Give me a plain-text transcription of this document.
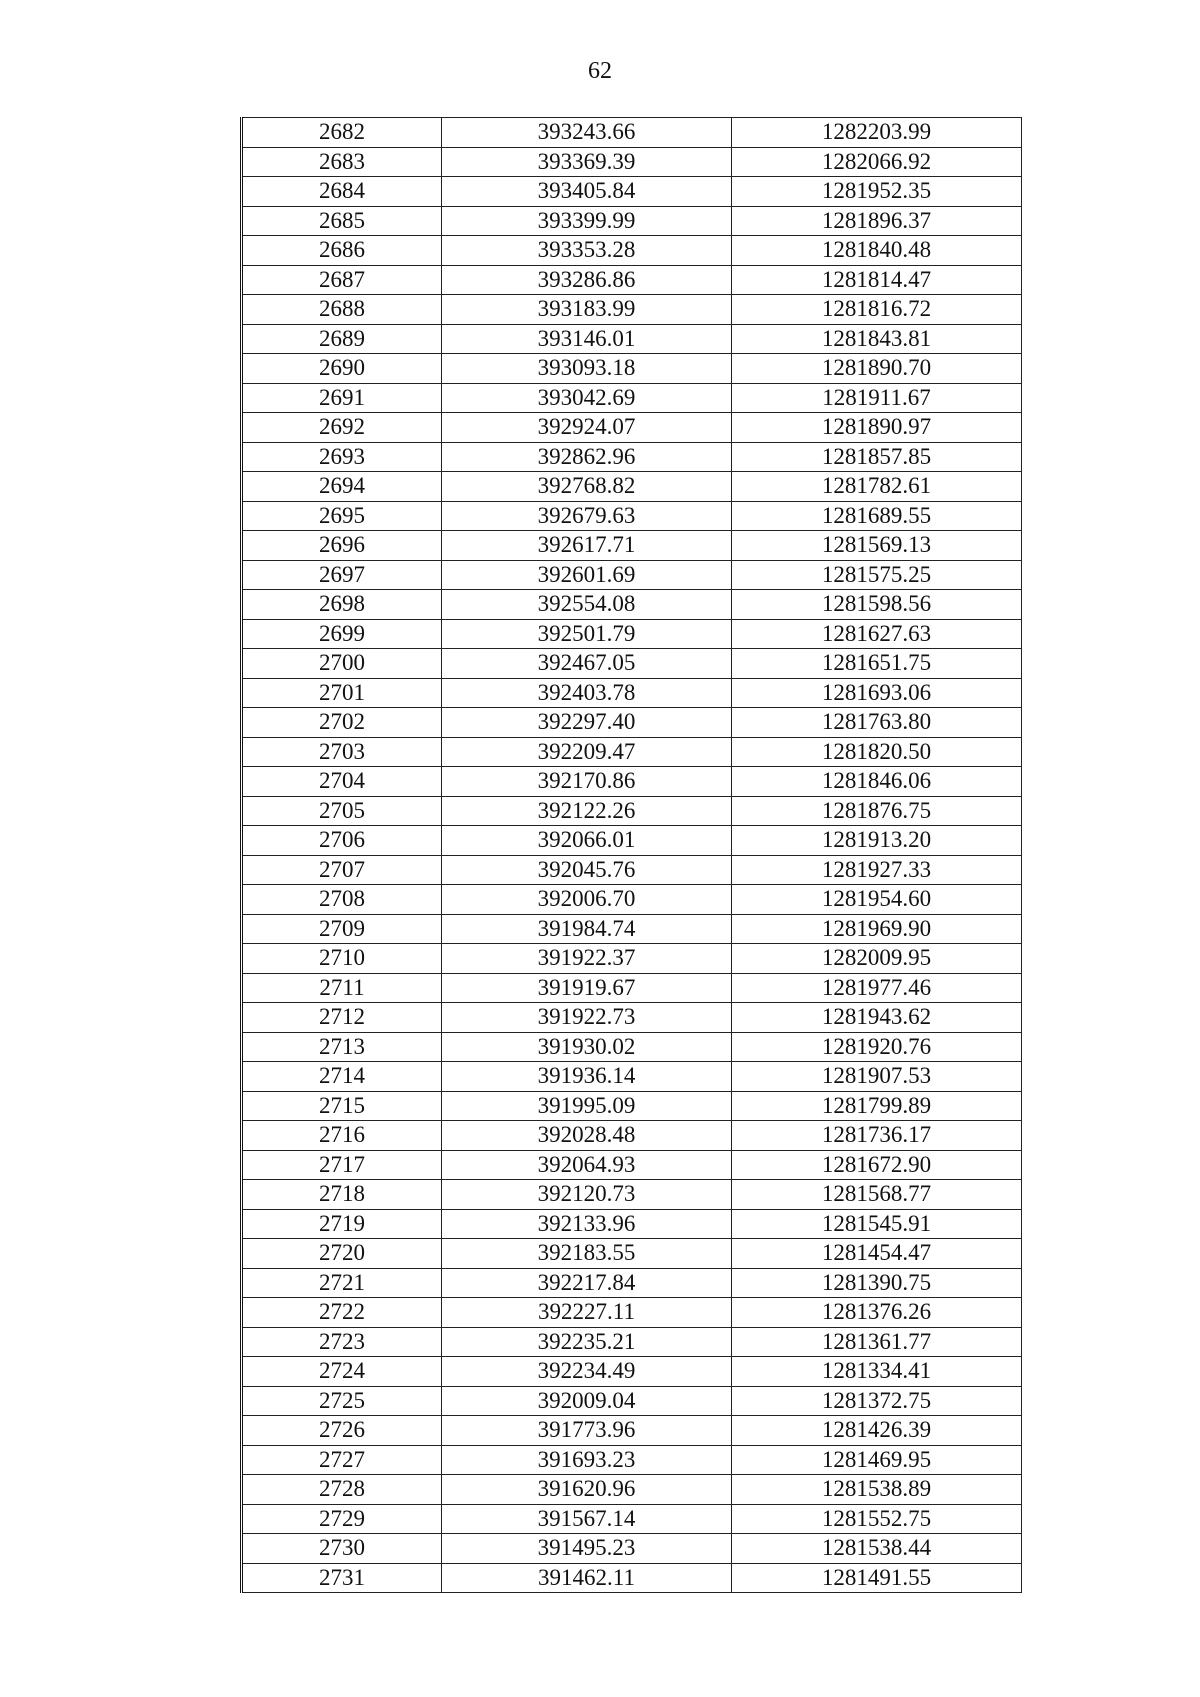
62
2682	393243.66	1282203.99
2683	393369.39	1282066.92
2684	393405.84	1281952.35
2685	393399.99	1281896.37
2686	393353.28	1281840.48
2687	393286.86	1281814.47
2688	393183.99	1281816.72
2689	393146.01	1281843.81
2690	393093.18	1281890.70
2691	393042.69	1281911.67
2692	392924.07	1281890.97
2693	392862.96	1281857.85
2694	392768.82	1281782.61
2695	392679.63	1281689.55
2696	392617.71	1281569.13
2697	392601.69	1281575.25
2698	392554.08	1281598.56
2699	392501.79	1281627.63
2700	392467.05	1281651.75
2701	392403.78	1281693.06
2702	392297.40	1281763.80
2703	392209.47	1281820.50
2704	392170.86	1281846.06
2705	392122.26	1281876.75
2706	392066.01	1281913.20
2707	392045.76	1281927.33
2708	392006.70	1281954.60
2709	391984.74	1281969.90
2710	391922.37	1282009.95
2711	391919.67	1281977.46
2712	391922.73	1281943.62
2713	391930.02	1281920.76
2714	391936.14	1281907.53
2715	391995.09	1281799.89
2716	392028.48	1281736.17
2717	392064.93	1281672.90
2718	392120.73	1281568.77
2719	392133.96	1281545.91
2720	392183.55	1281454.47
2721	392217.84	1281390.75
2722	392227.11	1281376.26
2723	392235.21	1281361.77
2724	392234.49	1281334.41
2725	392009.04	1281372.75
2726	391773.96	1281426.39
2727	391693.23	1281469.95
2728	391620.96	1281538.89
2729	391567.14	1281552.75
2730	391495.23	1281538.44
2731	391462.11	1281491.55
